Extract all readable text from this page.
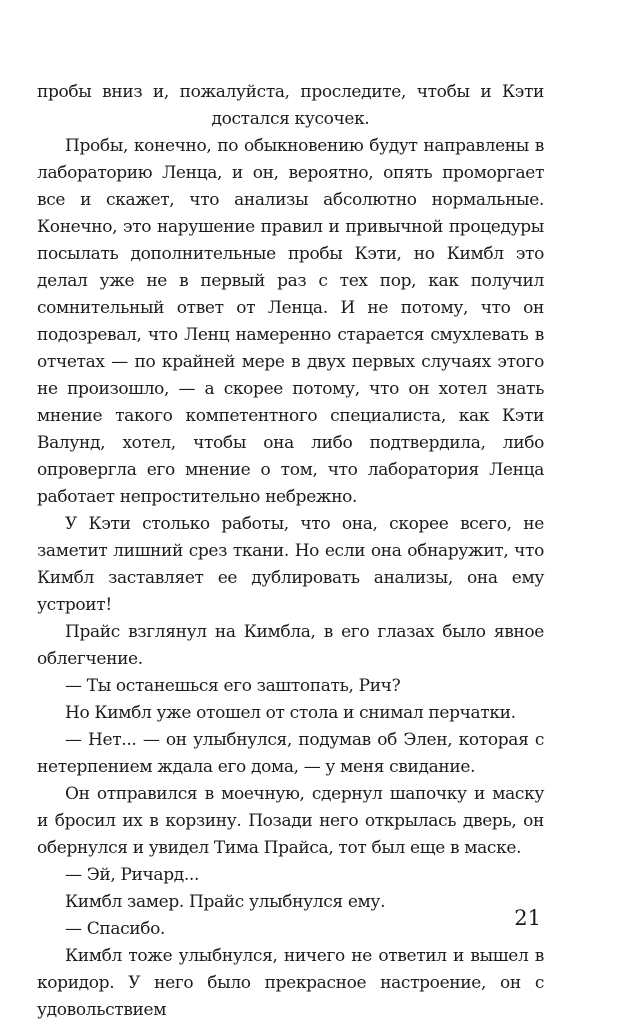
пробы вниз и, пожалуйста, проследите, чтобы и Кэти достался кусочек.

Пробы, конечно, по обыкновению будут направлены в лабораторию Ленца, и он, вероятно, опять проморгает все и скажет, что анализы абсолютно нормальные. Конечно, это нарушение правил и привычной процедуры посылать дополнительные пробы Кэти, но Кимбл это делал уже не в первый раз с тех пор, как получил сомнительный ответ от Ленца. И не потому, что он подозревал, что Ленц намеренно старается смухлевать в отчетах — по крайней мере в двух первых случаях этого не произошло, — а скорее потому, что он хотел знать мнение такого компетентного специалиста, как Кэти Валунд, хотел, чтобы она либо подтвердила, либо опровергла его мнение о том, что лаборатория Ленца работает непростительно небрежно.

У Кэти столько работы, что она, скорее всего, не заметит лишний срез ткани. Но если она обнаружит, что Кимбл заставляет ее дублировать анализы, она ему устроит!

Прайс взглянул на Кимбла, в его глазах было явное облегчение.

— Ты останешься его заштопать, Рич?

Но Кимбл уже отошел от стола и снимал перчатки.

— Нет... — он улыбнулся, подумав об Элен, которая с нетерпением ждала его дома, — у меня свидание.

Он отправился в моечную, сдернул шапочку и маску и бросил их в корзину. Позади него открылась дверь, он обернулся и увидел Тима Прайса, тот был еще в маске.

— Эй, Ричард...

Кимбл замер. Прайс улыбнулся ему.

— Спасибо.

Кимбл тоже улыбнулся, ничего не ответил и вышел в коридор. У него было прекрасное настроение, он с удовольствием

21
